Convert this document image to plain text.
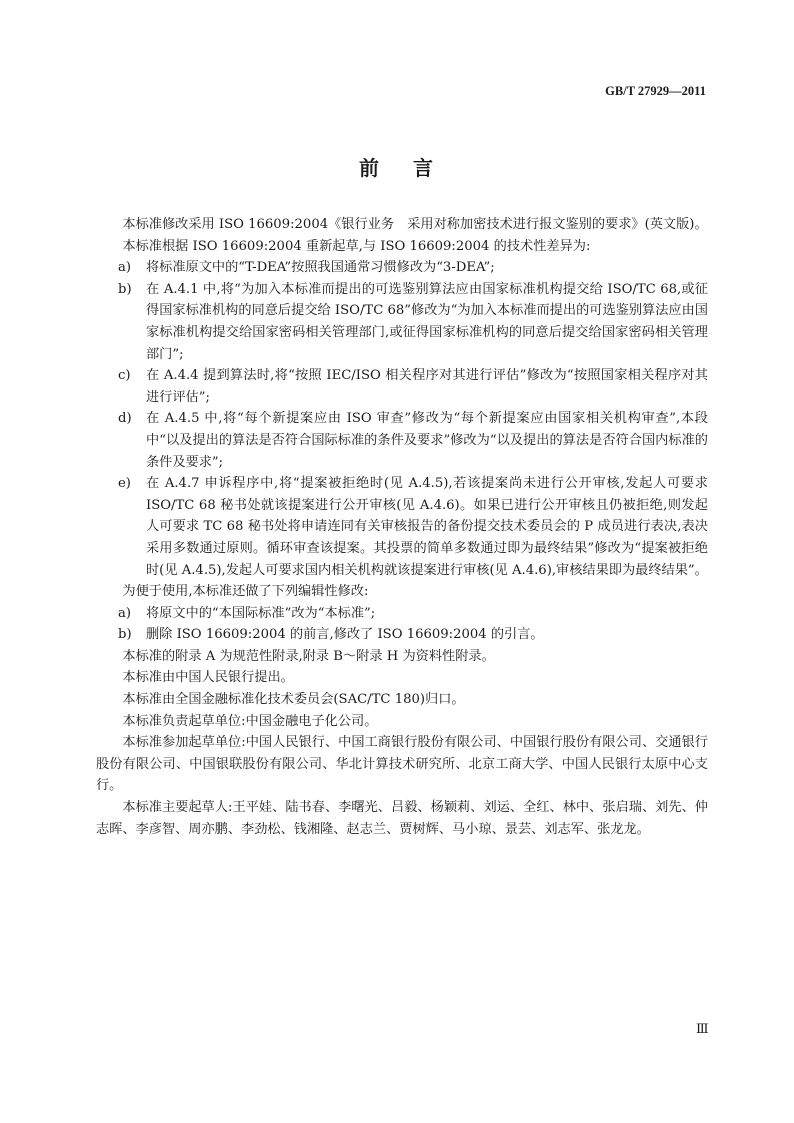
GB/T 27929—2011
前 言

本标准修改采用 ISO 16609:2004《银行业务　采用对称加密技术进行报文鉴别的要求》(英文版)。

本标准根据 ISO 16609:2004 重新起草,与 ISO 16609:2004 的技术性差异为:

a)	将标准原文中的“T-DEA”按照我国通常习惯修改为“3-DEA”;
b)	在 A.4.1 中,将“为加入本标准而提出的可选鉴别算法应由国家标准机构提交给 ISO/TC 68,或征得国家标准机构的同意后提交给 ISO/TC 68”修改为“为加入本标准而提出的可选鉴别算法应由国家标准机构提交给国家密码相关管理部门,或征得国家标准机构的同意后提交给国家密码相关管理部门”;
c)	在 A.4.4 提到算法时,将“按照 IEC/ISO 相关程序对其进行评估”修改为“按照国家相关程序对其进行评估”;
d)	在 A.4.5 中,将“每个新提案应由 ISO 审查”修改为“每个新提案应由国家相关机构审查”,本段中“以及提出的算法是否符合国际标准的条件及要求”修改为“以及提出的算法是否符合国内标准的条件及要求”;
e)	在 A.4.7 申诉程序中,将“提案被拒绝时(见 A.4.5),若该提案尚未进行公开审核,发起人可要求 ISO/TC 68 秘书处就该提案进行公开审核(见 A.4.6)。如果已进行公开审核且仍被拒绝,则发起人可要求 TC 68 秘书处将申请连同有关审核报告的备份提交技术委员会的 P 成员进行表决,表决采用多数通过原则。循环审查该提案。其投票的简单多数通过即为最终结果”修改为“提案被拒绝时(见 A.4.5),发起人可要求国内相关机构就该提案进行审核(见 A.4.6),审核结果即为最终结果”。

为便于使用,本标准还做了下列编辑性修改:

a)	将原文中的“本国际标准”改为“本标准”;
b)	删除 ISO 16609:2004 的前言,修改了 ISO 16609:2004 的引言。

本标准的附录 A 为规范性附录,附录 B～附录 H 为资料性附录。

本标准由中国人民银行提出。

本标准由全国金融标准化技术委员会(SAC/TC 180)归口。

本标准负责起草单位:中国金融电子化公司。

本标准参加起草单位:中国人民银行、中国工商银行股份有限公司、中国银行股份有限公司、交通银行股份有限公司、中国银联股份有限公司、华北计算技术研究所、北京工商大学、中国人民银行太原中心支行。

本标准主要起草人:王平娃、陆书春、李曙光、吕毅、杨颖莉、刘运、全红、林中、张启瑞、刘先、仲志晖、李彦智、周亦鹏、李劲松、钱湘隆、赵志兰、贾树辉、马小琼、景芸、刘志军、张龙龙。

Ⅲ
